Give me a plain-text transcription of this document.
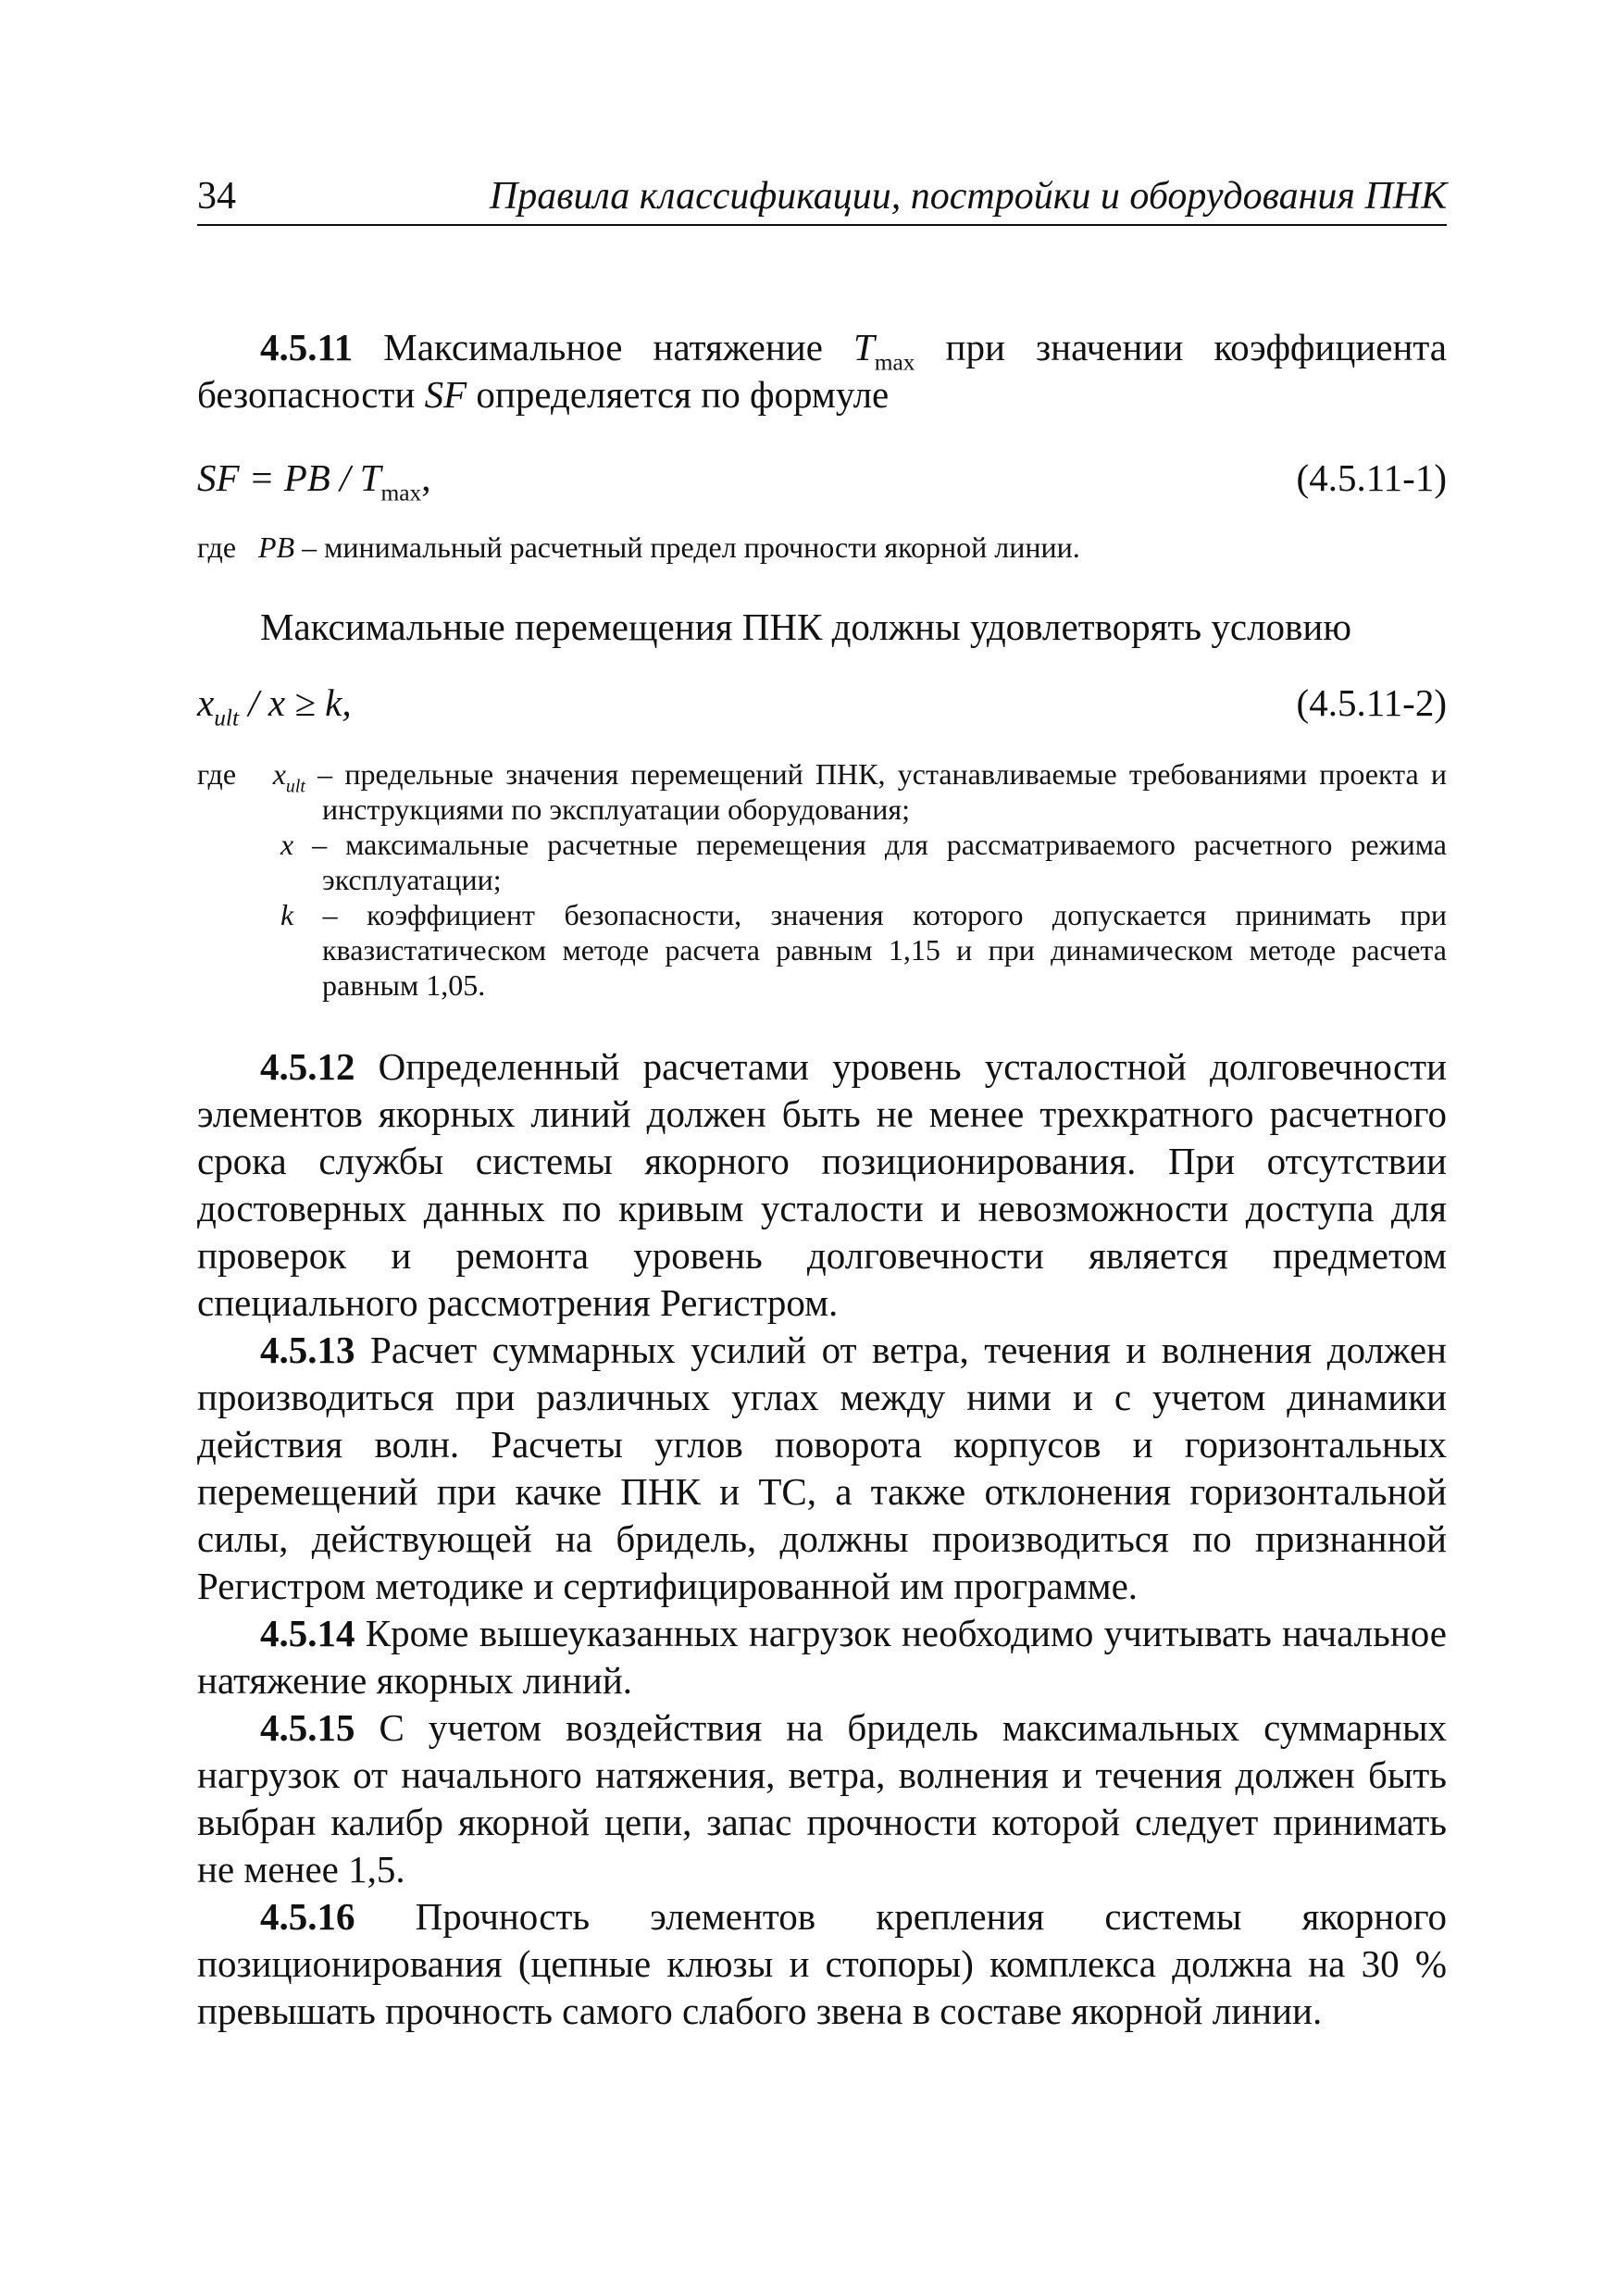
34	Правила классификации, постройки и оборудования ПНК

4.5.11 Максимальное натяжение $T_{max}$ при значении коэффициента безопасности SF определяется по формуле

SF = PB / $T_{max}$,	(4.5.11-1)

где PB – минимальный расчетный предел прочности якорной линии.

Максимальные перемещения ПНК должны удовлетворять условию

$x_{ult} / x \ge k$,	(4.5.11-2)

где $x_{ult}$ – предельные значения перемещений ПНК, устанавливаемые требованиями проекта и инструкциями по эксплуатации оборудования;

x – максимальные расчетные перемещения для рассматриваемого расчетного режима эксплуатации;

k – коэффициент безопасности, значения которого допускается принимать при квазистатическом методе расчета равным 1,15 и при динамическом методе расчета равным 1,05.

4.5.12 Определенный расчетами уровень усталостной долговечности элементов якорных линий должен быть не менее трехкратного расчетного срока службы системы якорного позиционирования. При отсутствии достоверных данных по кривым усталости и невозможности доступа для проверок и ремонта уровень долговечности является предметом специального рассмотрения Регистром.

4.5.13 Расчет суммарных усилий от ветра, течения и волнения должен производиться при различных углах между ними и с учетом динамики действия волн. Расчеты углов поворота корпусов и горизонтальных перемещений при качке ПНК и ТС, а также отклонения горизонтальной силы, действующей на бридель, должны производиться по признанной Регистром методике и сертифицированной им программе.

4.5.14 Кроме вышеуказанных нагрузок необходимо учитывать начальное натяжение якорных линий.

4.5.15 С учетом воздействия на бридель максимальных суммарных нагрузок от начального натяжения, ветра, волнения и течения должен быть выбран калибр якорной цепи, запас прочности которой следует принимать не менее 1,5.

4.5.16 Прочность элементов крепления системы якорного позиционирования (цепные клюзы и стопоры) комплекса должна на 30 % превышать прочность самого слабого звена в составе якорной линии.
